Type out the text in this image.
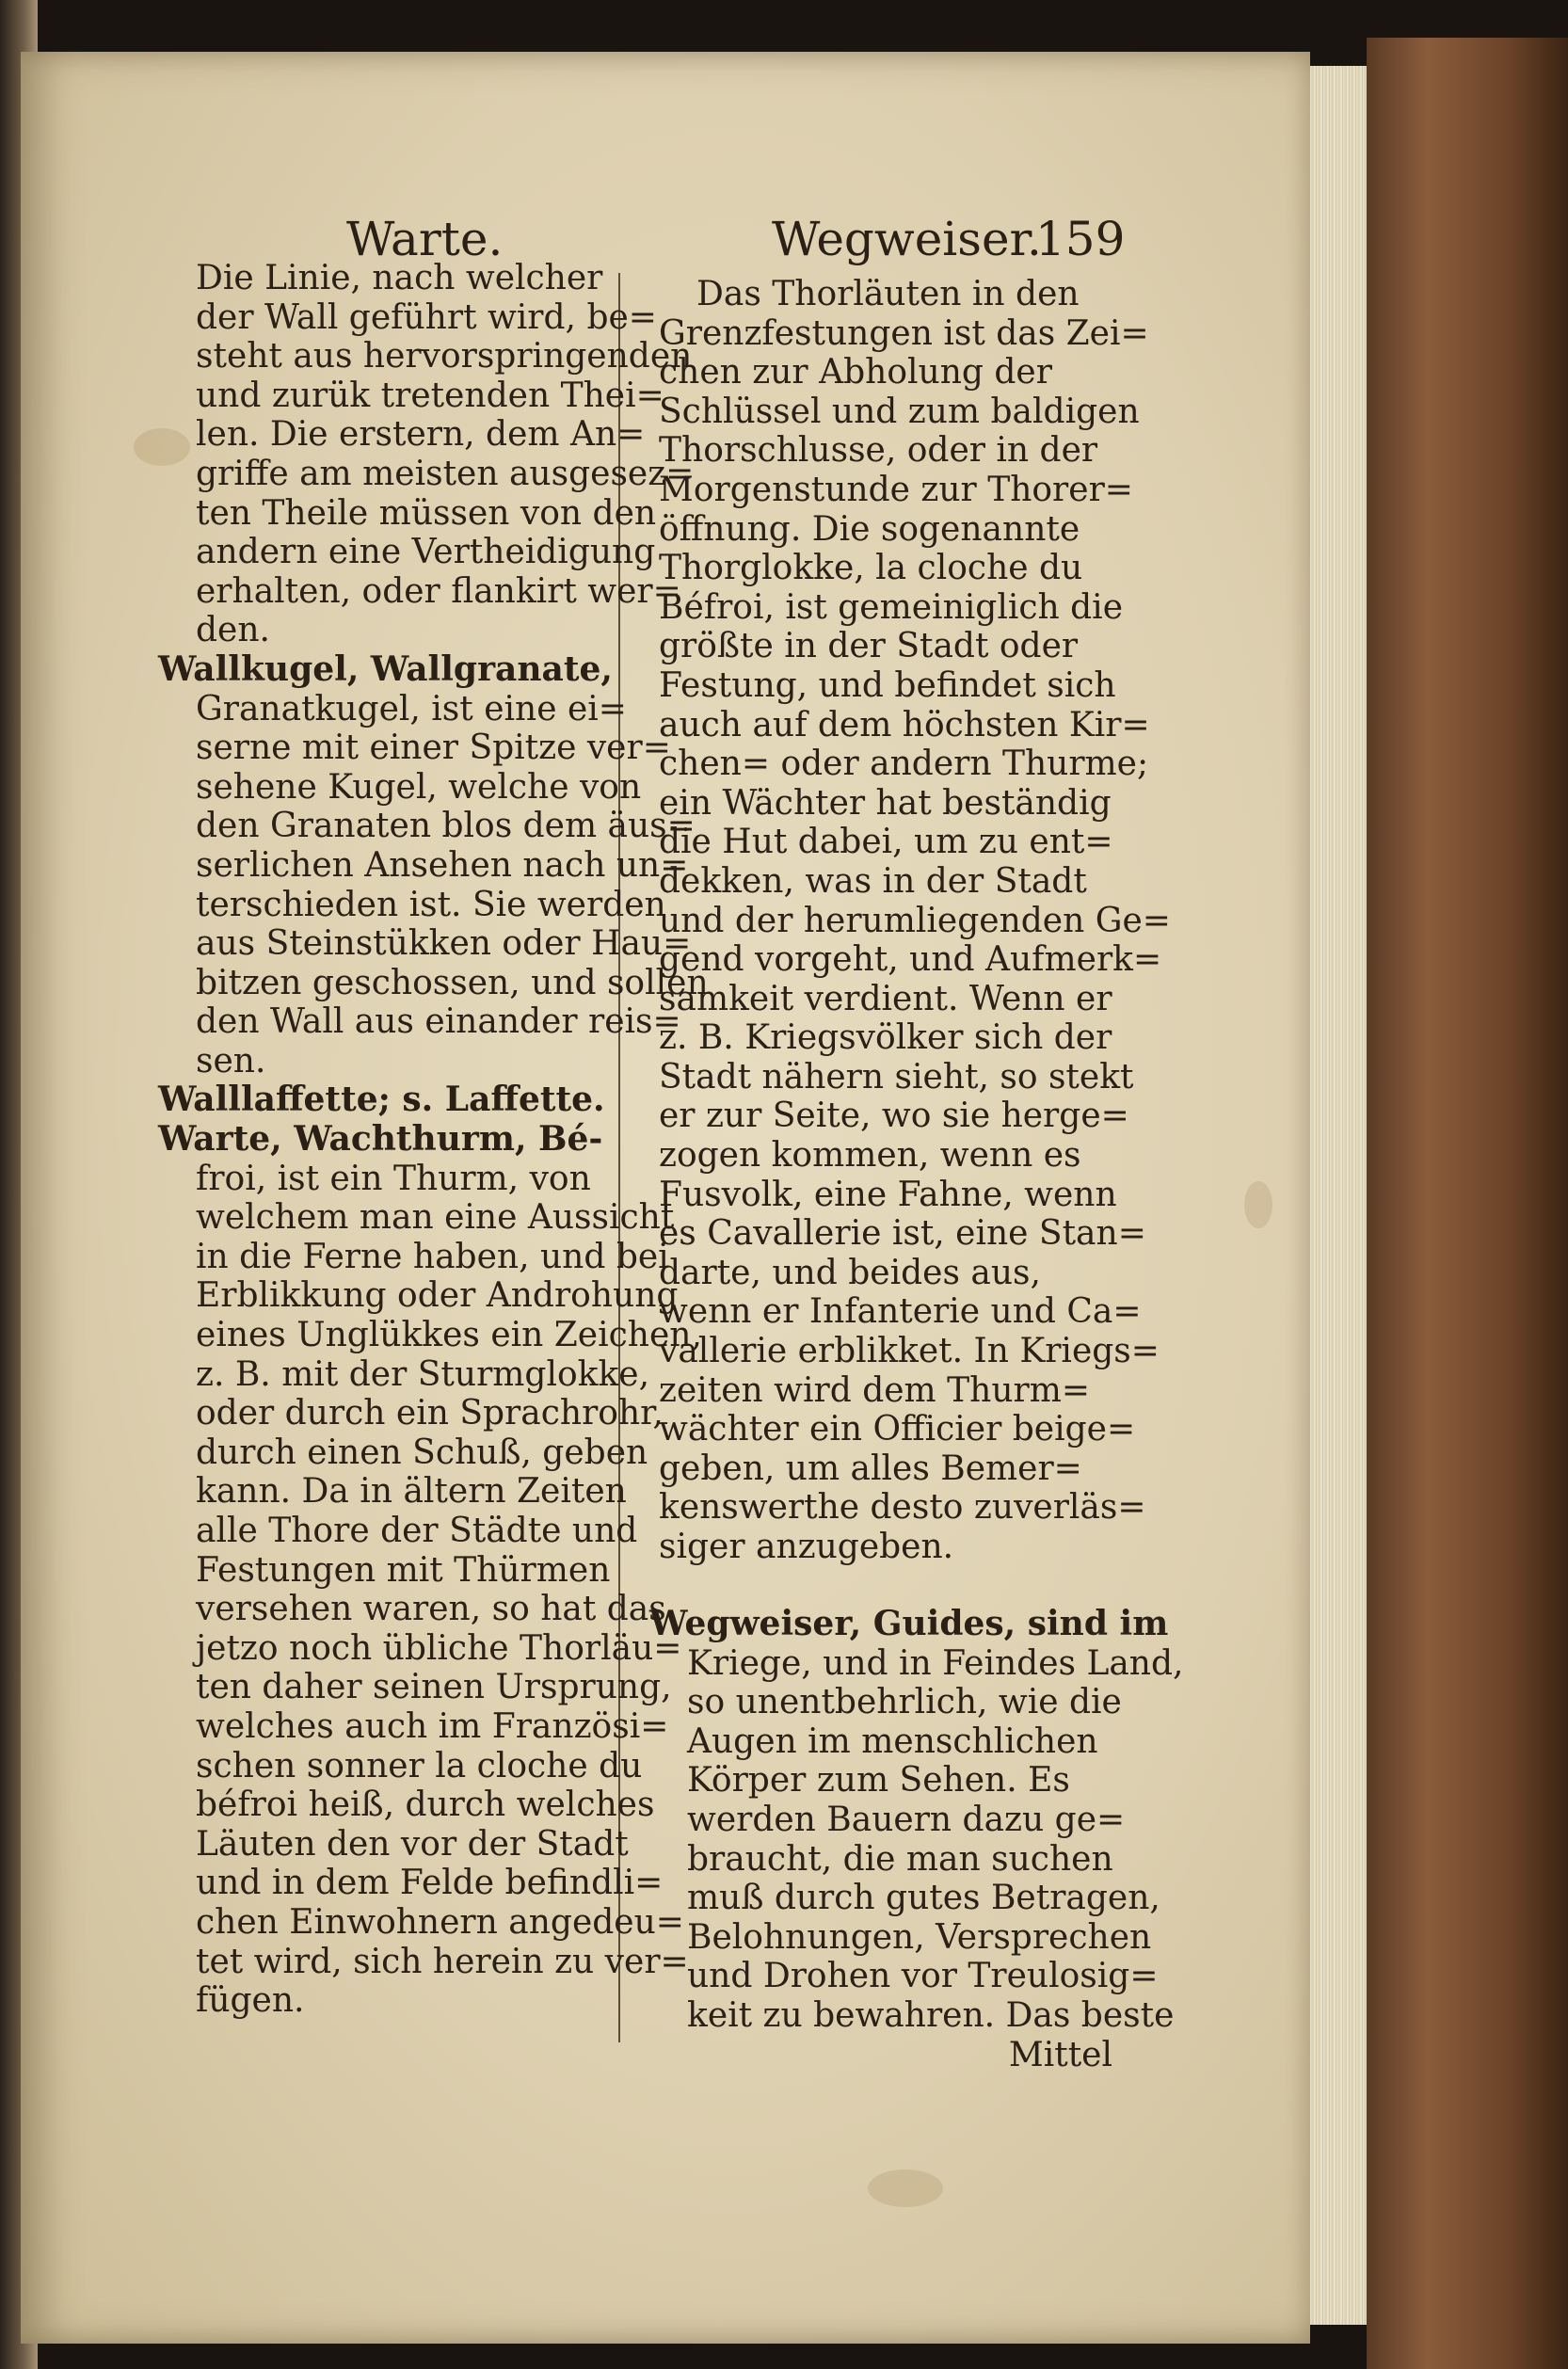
Warte.	Wegweiser.
159
Die Linie, nach welcher
der Wall geführt wird, be=
steht aus hervorspringenden
und zurük tretenden Thei=
len. Die erstern, dem An=
griffe am meisten ausgesez=
ten Theile müssen von den
andern eine Vertheidigung
erhalten, oder flankirt wer=
den.
Wallkugel, Wallgranate,
Granatkugel, ist eine ei=
serne mit einer Spitze ver=
sehene Kugel, welche von
den Granaten blos dem äus=
serlichen Ansehen nach un=
terschieden ist. Sie werden
aus Steinstükken oder Hau=
bitzen geschossen, und sollen
den Wall aus einander reis=
sen.
Walllaffette; s. Laffette.
Warte, Wachthurm, Bé-
froi, ist ein Thurm, von
welchem man eine Aussicht
in die Ferne haben, und bei
Erblikkung oder Androhung
eines Unglükkes ein Zeichen,
z. B. mit der Sturmglokke,
oder durch ein Sprachrohr,
durch einen Schuß, geben
kann. Da in ältern Zeiten
alle Thore der Städte und
Festungen mit Thürmen
versehen waren, so hat das
jetzo noch übliche Thorläu=
ten daher seinen Ursprung,
welches auch im Französi=
schen sonner la cloche du
béfroi heiß, durch welches
Läuten den vor der Stadt
und in dem Felde befindli=
chen Einwohnern angedeu=
tet wird, sich herein zu ver=
fügen.
Das Thorläuten in den
Grenzfestungen ist das Zei=
chen zur Abholung der
Schlüssel und zum baldigen
Thorschlusse, oder in der
Morgenstunde zur Thorer=
öffnung. Die sogenannte
Thorglokke, la cloche du
Béfroi, ist gemeiniglich die
größte in der Stadt oder
Festung, und befindet sich
auch auf dem höchsten Kir=
chen= oder andern Thurme;
ein Wächter hat beständig
die Hut dabei, um zu ent=
dekken, was in der Stadt
und der herumliegenden Ge=
gend vorgeht, und Aufmerk=
samkeit verdient. Wenn er
z. B. Kriegsvölker sich der
Stadt nähern sieht, so stekt
er zur Seite, wo sie herge=
zogen kommen, wenn es
Fusvolk, eine Fahne, wenn
es Cavallerie ist, eine Stan=
darte, und beides aus,
wenn er Infanterie und Ca=
vallerie erblikket. In Kriegs=
zeiten wird dem Thurm=
wächter ein Officier beige=
geben, um alles Bemer=
kenswerthe desto zuverläs=
siger anzugeben.
Wegweiser, Guides, sind im
Kriege, und in Feindes Land,
so unentbehrlich, wie die
Augen im menschlichen
Körper zum Sehen. Es
werden Bauern dazu ge=
braucht, die man suchen
muß durch gutes Betragen,
Belohnungen, Versprechen
und Drohen vor Treulosig=
keit zu bewahren. Das beste
Mittel
